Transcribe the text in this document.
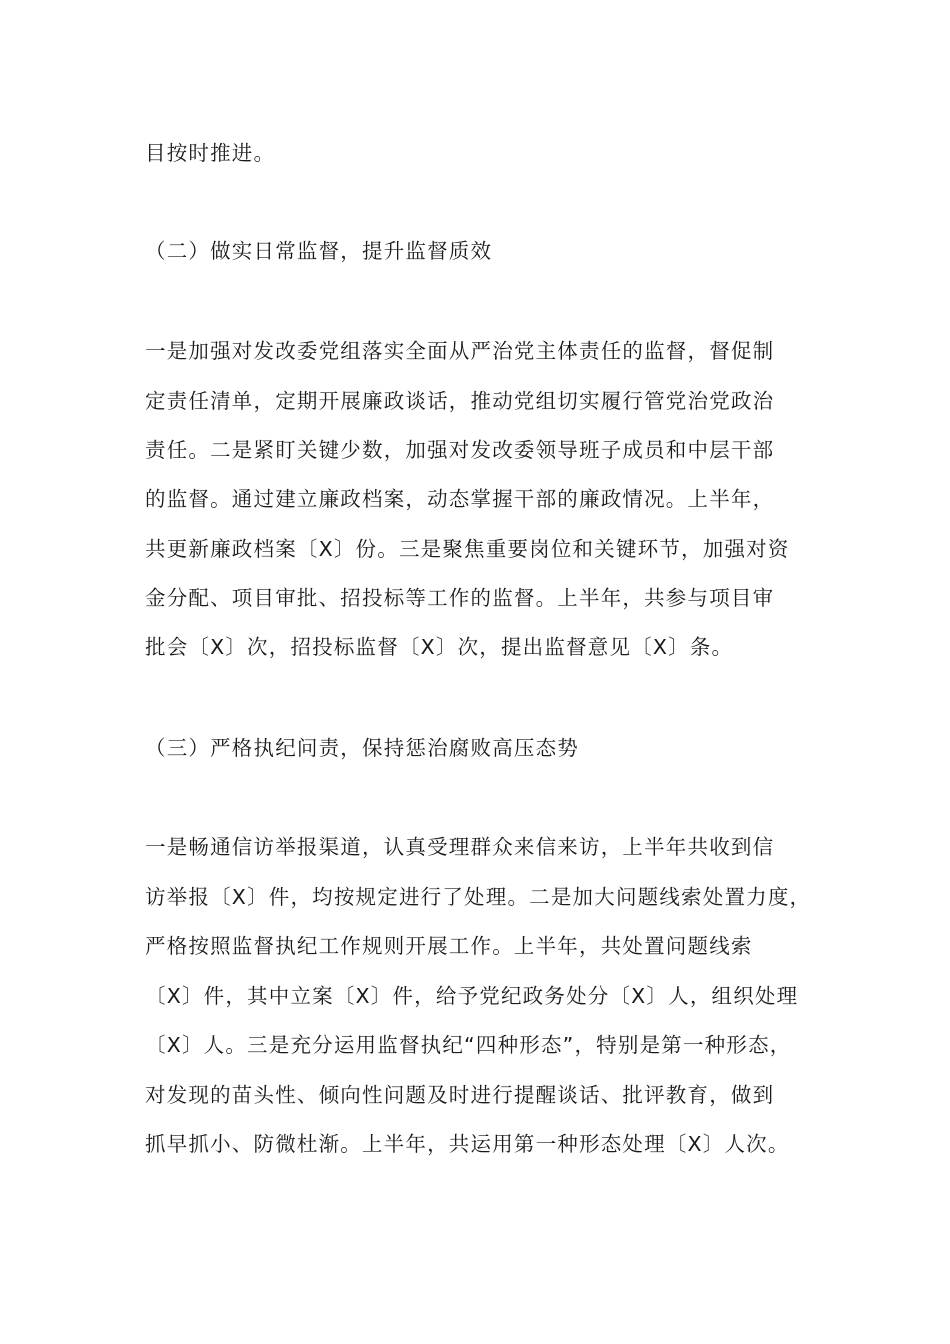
目按时推进。
（二）做实日常监督，提升监督质效
一是加强对发改委党组落实全面从严治党主体责任的监督，督促制
定责任清单，定期开展廉政谈话，推动党组切实履行管党治党政治
责任。二是紧盯关键少数，加强对发改委领导班子成员和中层干部
的监督。通过建立廉政档案，动态掌握干部的廉政情况。上半年，
共更新廉政档案〔X〕份。三是聚焦重要岗位和关键环节，加强对资
金分配、项目审批、招投标等工作的监督。上半年，共参与项目审
批会〔X〕次，招投标监督〔X〕次，提出监督意见〔X〕条。
（三）严格执纪问责，保持惩治腐败高压态势
一是畅通信访举报渠道，认真受理群众来信来访，上半年共收到信
访举报〔X〕件，均按规定进行了处理。二是加大问题线索处置力度，
严格按照监督执纪工作规则开展工作。上半年，共处置问题线索
〔X〕件，其中立案〔X〕件，给予党纪政务处分〔X〕人，组织处理
〔X〕人。三是充分运用监督执纪“四种形态”，特别是第一种形态，
对发现的苗头性、倾向性问题及时进行提醒谈话、批评教育，做到
抓早抓小、防微杜渐。上半年，共运用第一种形态处理〔X〕人次。
